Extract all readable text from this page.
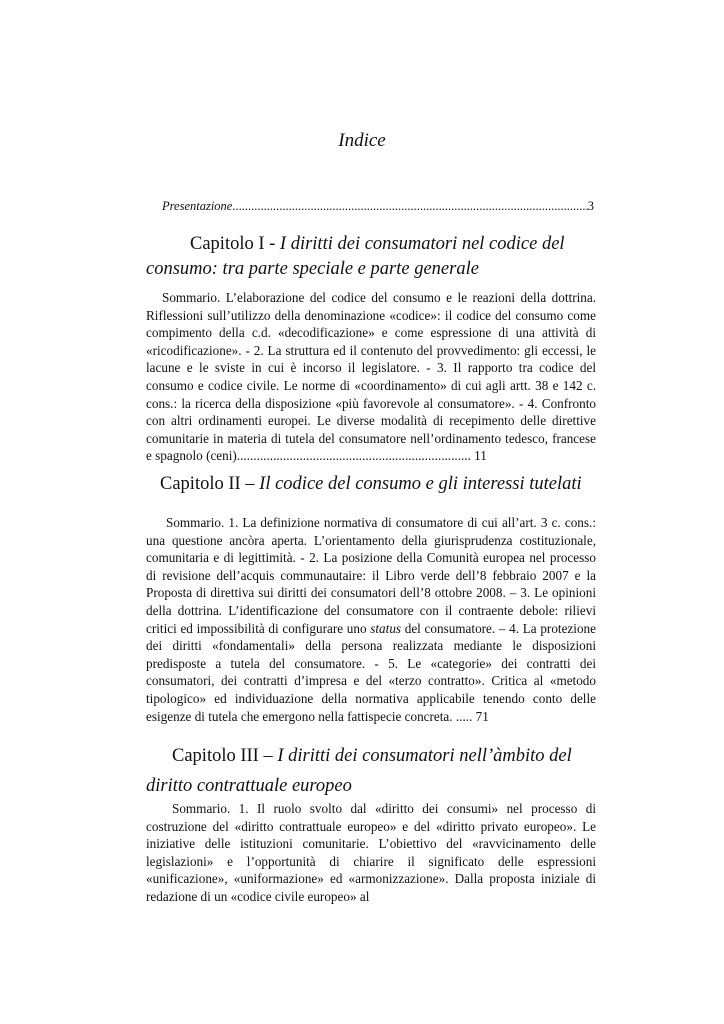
Indice
Presentazione .....	3
Capitolo I - I diritti dei consumatori nel codice del consumo: tra parte speciale e parte generale
Sommario. L’elaborazione del codice del consumo e le reazioni della dottrina. Riflessioni sull’utilizzo della denominazione «codice»: il codice del consumo come compimento della c.d. «decodificazione» e come espressione di una attività di «ricodificazione». - 2. La struttura ed il contenuto del provvedimento: gli eccessi, le lacune e le sviste in cui è incorso il legislatore. - 3. Il rapporto tra codice del consumo e codice civile. Le norme di «coordinamento» di cui agli artt. 38 e 142 c. cons.: la ricerca della disposizione «più favorevole al consumatore». - 4. Confronto con altri ordinamenti europei. Le diverse modalità di recepimento delle direttive comunitarie in materia di tutela del consumatore nell’ordinamento tedesco, francese e spagnolo (ceni)....................................................................... 11
Capitolo II – Il codice del consumo e gli interessi tutelati
Sommario. 1. La definizione normativa di consumatore di cui all’art. 3 c. cons.: una questione ancòra aperta. L’orientamento della giurisprudenza costituzionale, comunitaria e di legittimità. - 2. La posizione della Comunità europea nel processo di revisione dell’acquis communautaire: il Libro verde dell’8 febbraio 2007 e la Proposta di direttiva sui diritti dei consumatori dell’8 ottobre 2008. – 3. Le opinioni della dottrina. L’identificazione del consumatore con il contraente debole: rilievi critici ed impossibilità di configurare uno status del consumatore. – 4. La protezione dei diritti «fondamentali» della persona realizzata mediante le disposizioni predisposte a tutela del consumatore. - 5. Le «categorie» dei contratti dei consumatori, dei contratti d’impresa e del «terzo contratto». Critica al «metodo tipologico» ed individuazione della normativa applicabile tenendo conto delle esigenze di tutela che emergono nella fattispecie concreta. ..... 71
Capitolo III – I diritti dei consumatori nell’àmbito del diritto contrattuale europeo
Sommario. 1. Il ruolo svolto dal «diritto dei consumi» nel processo di costruzione del «diritto contrattuale europeo» e del «diritto privato europeo». Le iniziative delle istituzioni comunitarie. L’obiettivo del «ravvicinamento delle legislazioni» e l’opportunità di chiarire il significato delle espressioni «unificazione», «uniformazione» ed «armonizzazione». Dalla proposta iniziale di redazione di un «codice civile europeo» al
